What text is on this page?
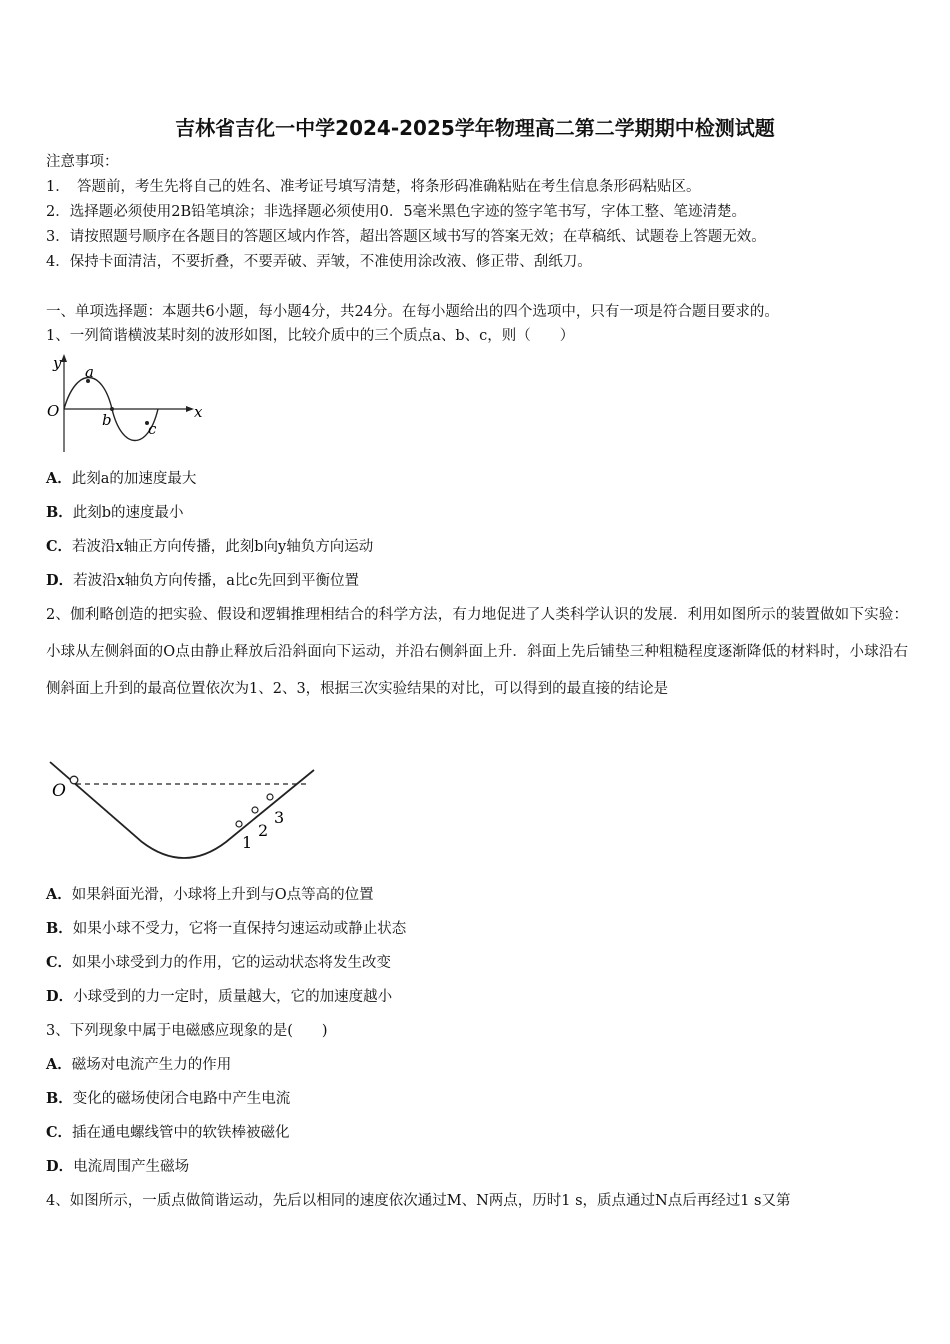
吉林省吉化一中学2024-2025学年物理高二第二学期期中检测试题
注意事项：
1．　答题前，考生先将自己的姓名、准考证号填写清楚，将条形码准确粘贴在考生信息条形码粘贴区。
2．选择题必须使用2B铅笔填涂；非选择题必须使用0．5毫米黑色字迹的签字笔书写，字体工整、笔迹清楚。
3．请按照题号顺序在各题目的答题区域内作答，超出答题区域书写的答案无效；在草稿纸、试题卷上答题无效。
4．保持卡面清洁，不要折叠，不要弄破、弄皱，不准使用涂改液、修正带、刮纸刀。
一、单项选择题：本题共6小题，每小题4分，共24分。在每小题给出的四个选项中，只有一项是符合题目要求的。
1、一列简谐横波某时刻的波形如图，比较介质中的三个质点a、b、c，则（　　）
y
x
O
a
b c
A．此刻a的加速度最大
B．此刻b的速度最小
C．若波沿x轴正方向传播，此刻b向y轴负方向运动
D．若波沿x轴负方向传播，a比c先回到平衡位置
2、伽利略创造的把实验、假设和逻辑推理相结合的科学方法，有力地促进了人类科学认识的发展．利用如图所示的装置做如下实验：小球从左侧斜面的O点由静止释放后沿斜面向下运动，并沿右侧斜面上升．斜面上先后铺垫三种粗糙程度逐渐降低的材料时，小球沿右侧斜面上升到的最高位置依次为1、2、3，根据三次实验结果的对比，可以得到的最直接的结论是
O
1
2
3
A．如果斜面光滑，小球将上升到与O点等高的位置
B．如果小球不受力，它将一直保持匀速运动或静止状态
C．如果小球受到力的作用，它的运动状态将发生改变
D．小球受到的力一定时，质量越大，它的加速度越小
3、下列现象中属于电磁感应现象的是(　　)
A．磁场对电流产生力的作用
B．变化的磁场使闭合电路中产生电流
C．插在通电螺线管中的软铁棒被磁化
D．电流周围产生磁场
4、如图所示，一质点做简谐运动，先后以相同的速度依次通过M、N两点，历时1 s，质点通过N点后再经过1 s又第
